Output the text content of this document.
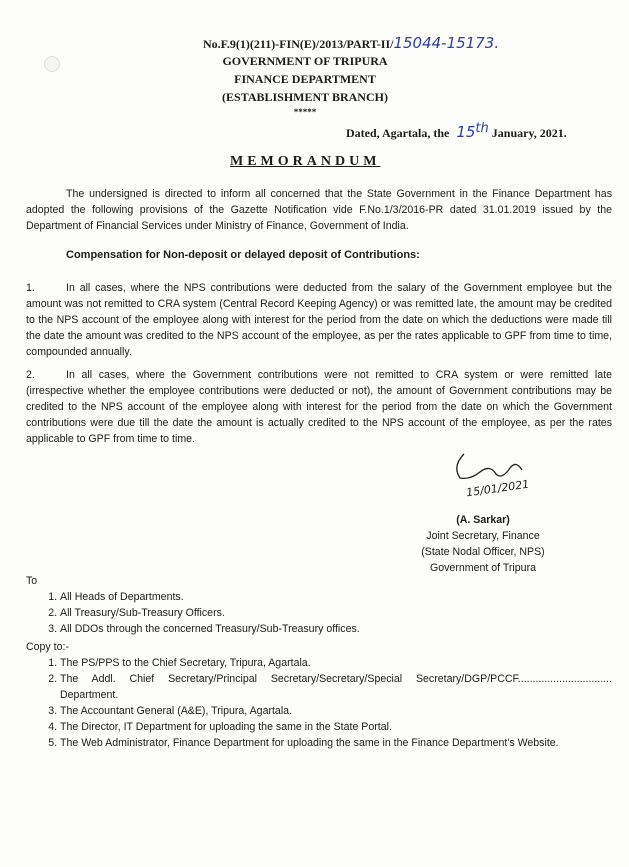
No.F.9(1)(211)-FIN(E)/2013/PART-II/15044-15173.
GOVERNMENT OF TRIPURA
FINANCE DEPARTMENT
(ESTABLISHMENT BRANCH)
*****
Dated, Agartala, the 15th January, 2021.
MEMORANDUM
The undersigned is directed to inform all concerned that the State Government in the Finance Department has adopted the following provisions of the Gazette Notification vide F.No.1/3/2016-PR dated 31.01.2019 issued by the Department of Financial Services under Ministry of Finance, Government of India.
Compensation for Non-deposit or delayed deposit of Contributions:
1.	In all cases, where the NPS contributions were deducted from the salary of the Government employee but the amount was not remitted to CRA system (Central Record Keeping Agency) or was remitted late, the amount may be credited to the NPS account of the employee along with interest for the period from the date on which the deductions were made till the date the amount was credited to the NPS account of the employee, as per the rates applicable to GPF from time to time, compounded annually.
2.	In all cases, where the Government contributions were not remitted to CRA system or were remitted late (irrespective whether the employee contributions were deducted or not), the amount of Government contributions may be credited to the NPS account of the employee along with interest for the period from the date on which the Government contributions were due till the date the amount is actually credited to the NPS account of the employee, as per the rates applicable to GPF from time to time.
15/01/2021
(A. Sarkar)
Joint Secretary, Finance
(State Nodal Officer, NPS)
Government of Tripura
To
1. All Heads of Departments.
2. All Treasury/Sub-Treasury Officers.
3. All DDOs through the concerned Treasury/Sub-Treasury offices.
Copy to:-
1. The PS/PPS to the Chief Secretary, Tripura, Agartala.
2. The Addl. Chief Secretary/Principal Secretary/Secretary/Special Secretary/DGP/PCCF................................ Department.
3. The Accountant General (A&E), Tripura, Agartala.
4. The Director, IT Department for uploading the same in the State Portal.
5. The Web Administrator, Finance Department for uploading the same in the Finance Department's Website.
